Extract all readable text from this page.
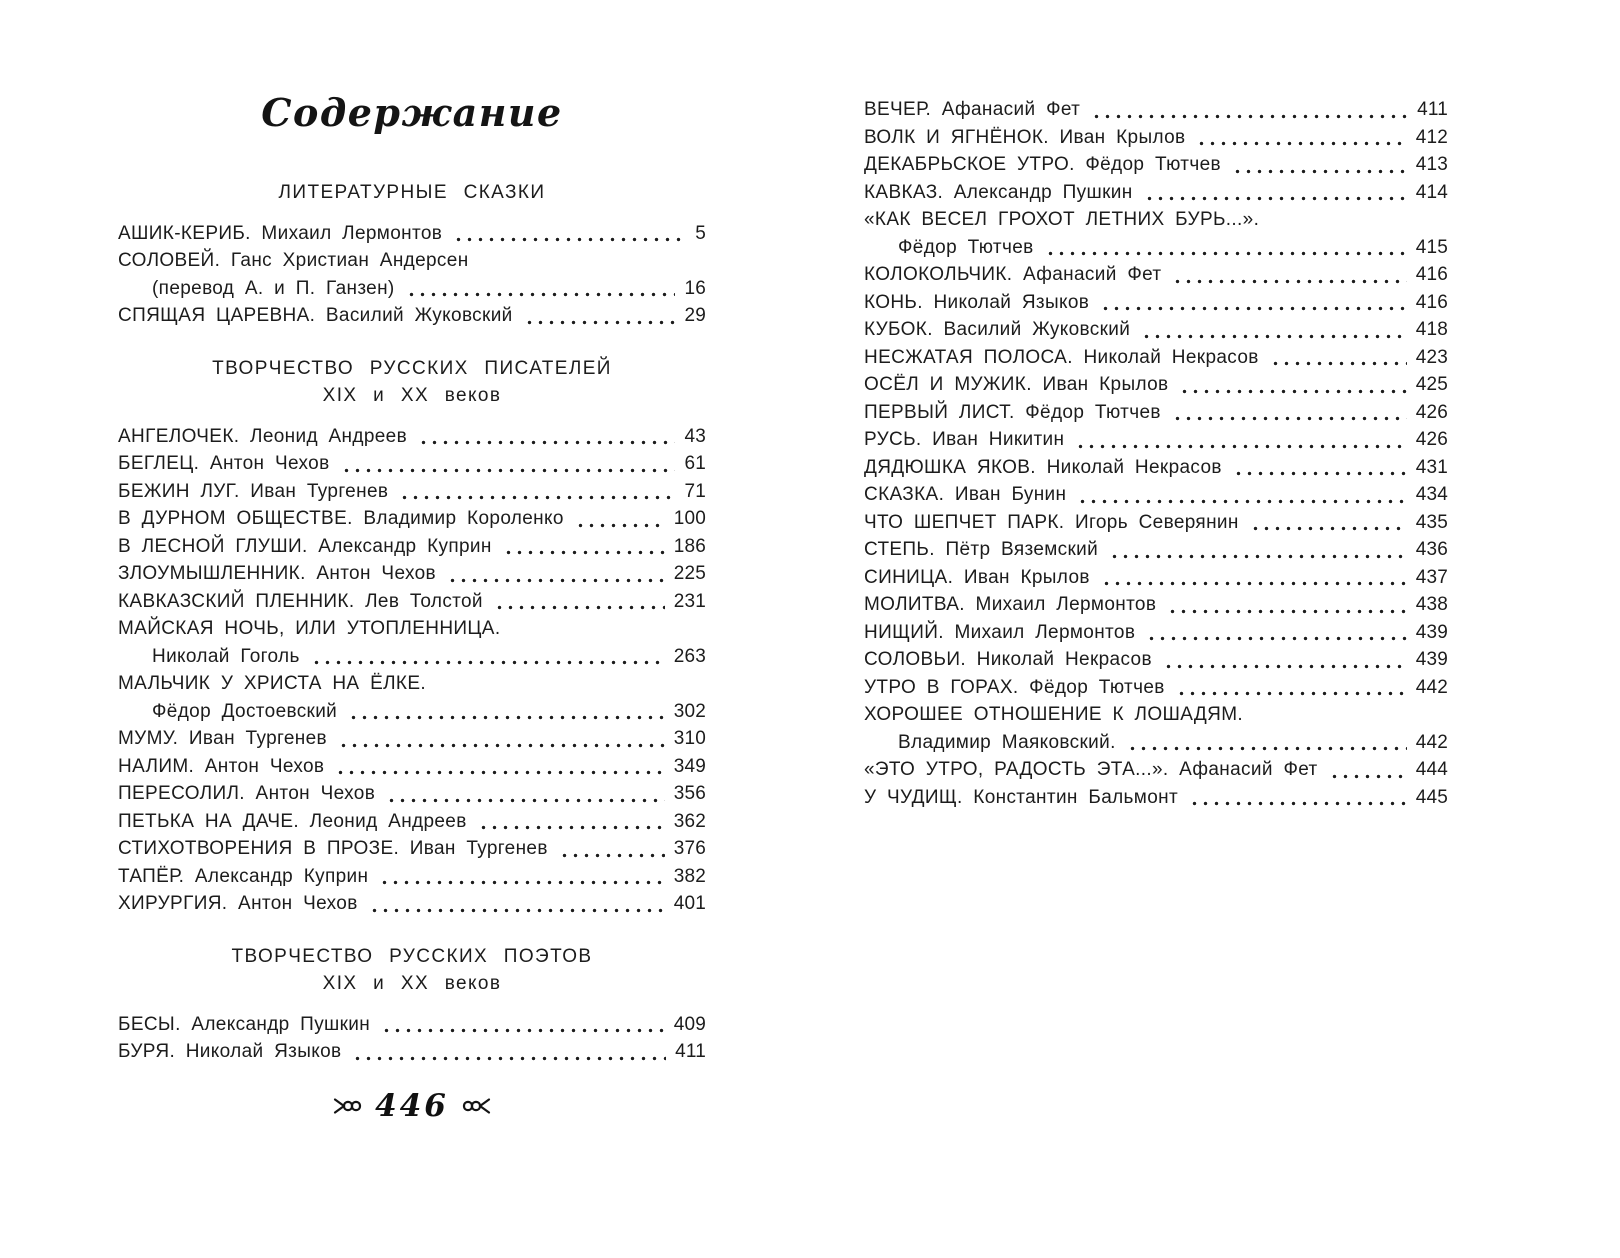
Содержание
ЛИТЕРАТУРНЫЕ СКАЗКИ
АШИК-КЕРИБ. Михаил Лермонтов	5
СОЛОВЕЙ. Ганс Христиан Андерсен
(перевод А. и П. Ганзен)	16
СПЯЩАЯ ЦАРЕВНА. Василий Жуковский	29
ТВОРЧЕСТВО РУССКИХ ПИСАТЕЛЕЙ
XIX и XX веков
АНГЕЛОЧЕК. Леонид Андреев	43
БЕГЛЕЦ. Антон Чехов	61
БЕЖИН ЛУГ. Иван Тургенев	71
В ДУРНОМ ОБЩЕСТВЕ. Владимир Короленко	100
В ЛЕСНОЙ ГЛУШИ. Александр Куприн	186
ЗЛОУМЫШЛЕННИК. Антон Чехов	225
КАВКАЗСКИЙ ПЛЕННИК. Лев Толстой	231
МАЙСКАЯ НОЧЬ, ИЛИ УТОПЛЕННИЦА.
Николай Гоголь	263
МАЛЬЧИК У ХРИСТА НА ЁЛКЕ.
Фёдор Достоевский	302
МУМУ. Иван Тургенев	310
НАЛИМ. Антон Чехов	349
ПЕРЕСОЛИЛ. Антон Чехов	356
ПЕТЬКА НА ДАЧЕ. Леонид Андреев	362
СТИХОТВОРЕНИЯ В ПРОЗЕ. Иван Тургенев	376
ТАПЁР. Александр Куприн	382
ХИРУРГИЯ. Антон Чехов	401
ТВОРЧЕСТВО РУССКИХ ПОЭТОВ
XIX и XX веков
БЕСЫ. Александр Пушкин	409
БУРЯ. Николай Языков	411
446
ВЕЧЕР. Афанасий Фет	411
ВОЛК И ЯГНЁНОК. Иван Крылов	412
ДЕКАБРЬСКОЕ УТРО. Фёдор Тютчев	413
КАВКАЗ. Александр Пушкин	414
«КАК ВЕСЕЛ ГРОХОТ ЛЕТНИХ БУРЬ...».
Фёдор Тютчев	415
КОЛОКОЛЬЧИК. Афанасий Фет	416
КОНЬ. Николай Языков	416
КУБОК. Василий Жуковский	418
НЕСЖАТАЯ ПОЛОСА. Николай Некрасов	423
ОСЁЛ И МУЖИК. Иван Крылов	425
ПЕРВЫЙ ЛИСТ. Фёдор Тютчев	426
РУСЬ. Иван Никитин	426
ДЯДЮШКА ЯКОВ. Николай Некрасов	431
СКАЗКА. Иван Бунин	434
ЧТО ШЕПЧЕТ ПАРК. Игорь Северянин	435
СТЕПЬ. Пётр Вяземский	436
СИНИЦА. Иван Крылов	437
МОЛИТВА. Михаил Лермонтов	438
НИЩИЙ. Михаил Лермонтов	439
СОЛОВЬИ. Николай Некрасов	439
УТРО В ГОРАХ. Фёдор Тютчев	442
ХОРОШЕЕ ОТНОШЕНИЕ К ЛОШАДЯМ.
Владимир Маяковский.	442
«ЭТО УТРО, РАДОСТЬ ЭТА...». Афанасий Фет	444
У ЧУДИЩ. Константин Бальмонт	445
